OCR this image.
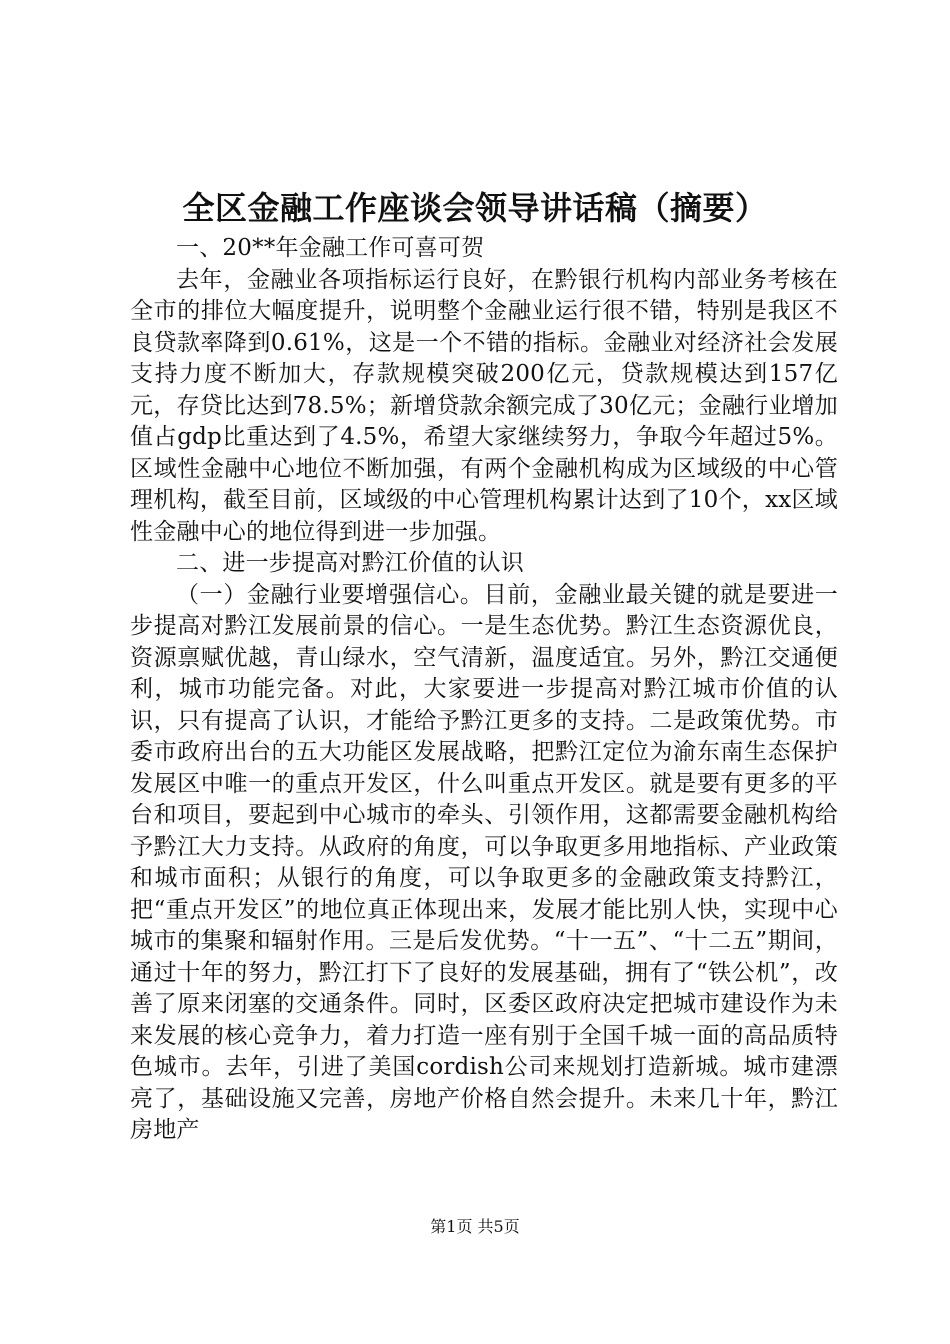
全区金融工作座谈会领导讲话稿（摘要）

一、20**年金融工作可喜可贺

去年，金融业各项指标运行良好，在黔银行机构内部业务考核在全市的排位大幅度提升，说明整个金融业运行很不错，特别是我区不良贷款率降到0.61%，这是一个不错的指标。金融业对经济社会发展支持力度不断加大，存款规模突破200亿元，贷款规模达到157亿元，存贷比达到78.5%；新增贷款余额完成了30亿元；金融行业增加值占gdp比重达到了4.5%，希望大家继续努力，争取今年超过5%。区域性金融中心地位不断加强，有两个金融机构成为区域级的中心管理机构，截至目前，区域级的中心管理机构累计达到了10个，xx区域性金融中心的地位得到进一步加强。

二、进一步提高对黔江价值的认识

（一）金融行业要增强信心。目前，金融业最关键的就是要进一步提高对黔江发展前景的信心。一是生态优势。黔江生态资源优良，资源禀赋优越，青山绿水，空气清新，温度适宜。另外，黔江交通便利，城市功能完备。对此，大家要进一步提高对黔江城市价值的认识，只有提高了认识，才能给予黔江更多的支持。二是政策优势。市委市政府出台的五大功能区发展战略，把黔江定位为渝东南生态保护发展区中唯一的重点开发区，什么叫重点开发区。就是要有更多的平台和项目，要起到中心城市的牵头、引领作用，这都需要金融机构给予黔江大力支持。从政府的角度，可以争取更多用地指标、产业政策和城市面积；从银行的角度，可以争取更多的金融政策支持黔江，把“重点开发区”的地位真正体现出来，发展才能比别人快，实现中心城市的集聚和辐射作用。三是后发优势。“十一五”、“十二五”期间，通过十年的努力，黔江打下了良好的发展基础，拥有了“铁公机”，改善了原来闭塞的交通条件。同时，区委区政府决定把城市建设作为未来发展的核心竞争力，着力打造一座有别于全国千城一面的高品质特色城市。去年，引进了美国cordish公司来规划打造新城。城市建漂亮了，基础设施又完善，房地产价格自然会提升。未来几十年，黔江房地产

第1页 共5页
